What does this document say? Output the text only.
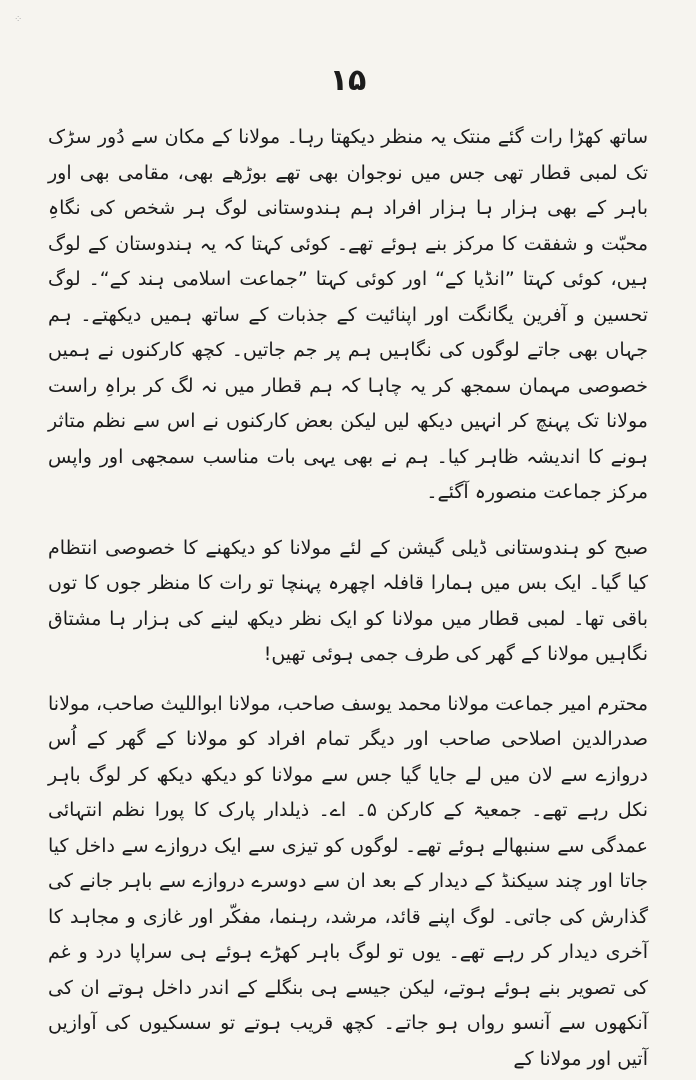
⁘
۱۵

ساتھ کھڑا رات گئے منتک یہ منظر دیکھتا رہا۔ مولانا کے مکان سے دُور سڑک تک لمبی قطار تھی جس میں نوجوان بھی تھے بوڑھے بھی، مقامی بھی اور باہر کے بھی ہزار ہا ہزار افراد ہم ہندوستانی لوگ ہر شخص کی نگاہِ محبّت و شفقت کا مرکز بنے ہوئے تھے۔ کوئی کہتا کہ یہ ہندوستان کے لوگ ہیں، کوئی کہتا ”انڈیا کے“ اور کوئی کہتا ”جماعت اسلامی ہند کے“۔ لوگ تحسین و آفرین یگانگت اور اپنائیت کے جذبات کے ساتھ ہمیں دیکھتے۔ ہم جہاں بھی جاتے لوگوں کی نگاہیں ہم پر جم جاتیں۔ کچھ کارکنوں نے ہمیں خصوصی مہمان سمجھ کر یہ چاہا کہ ہم قطار میں نہ لگ کر براہِ راست مولانا تک پہنچ کر انہیں دیکھ لیں لیکن بعض کارکنوں نے اس سے نظم متاثر ہونے کا اندیشہ ظاہر کیا۔ ہم نے بھی یہی بات مناسب سمجھی اور واپس مرکز جماعت منصورہ آگئے۔

صبح کو ہندوستانی ڈیلی گیشن کے لئے مولانا کو دیکھنے کا خصوصی انتظام کیا گیا۔ ایک بس میں ہمارا قافلہ اچھرہ پہنچا تو رات کا منظر جوں کا توں باقی تھا۔ لمبی قطار میں مولانا کو ایک نظر دیکھ لینے کی ہزار ہا مشتاق نگاہیں مولانا کے گھر کی طرف جمی ہوئی تھیں!

محترم امیر جماعت مولانا محمد یوسف صاحب، مولانا ابواللیث صاحب، مولانا صدرالدین اصلاحی صاحب اور دیگر تمام افراد کو مولانا کے گھر کے اُس دروازے سے لان میں لے جایا گیا جس سے مولانا کو دیکھ دیکھ کر لوگ باہر نکل رہے تھے۔ جمعیۃ کے کارکن ۵۔ اے۔ ذیلدار پارک کا پورا نظم انتہائی عمدگی سے سنبھالے ہوئے تھے۔ لوگوں کو تیزی سے ایک دروازے سے داخل کیا جاتا اور چند سیکنڈ کے دیدار کے بعد ان سے دوسرے دروازے سے باہر جانے کی گذارش کی جاتی۔ لوگ اپنے قائد، مرشد، رہنما، مفکّر اور غازی و مجاہد کا آخری دیدار کر رہے تھے۔ یوں تو لوگ باہر کھڑے ہوئے ہی سراپا درد و غم کی تصویر بنے ہوئے ہوتے، لیکن جیسے ہی بنگلے کے اندر داخل ہوتے ان کی آنکھوں سے آنسو رواں ہو جاتے۔ کچھ قریب ہوتے تو سسکیوں کی آوازیں آتیں اور مولانا کے
